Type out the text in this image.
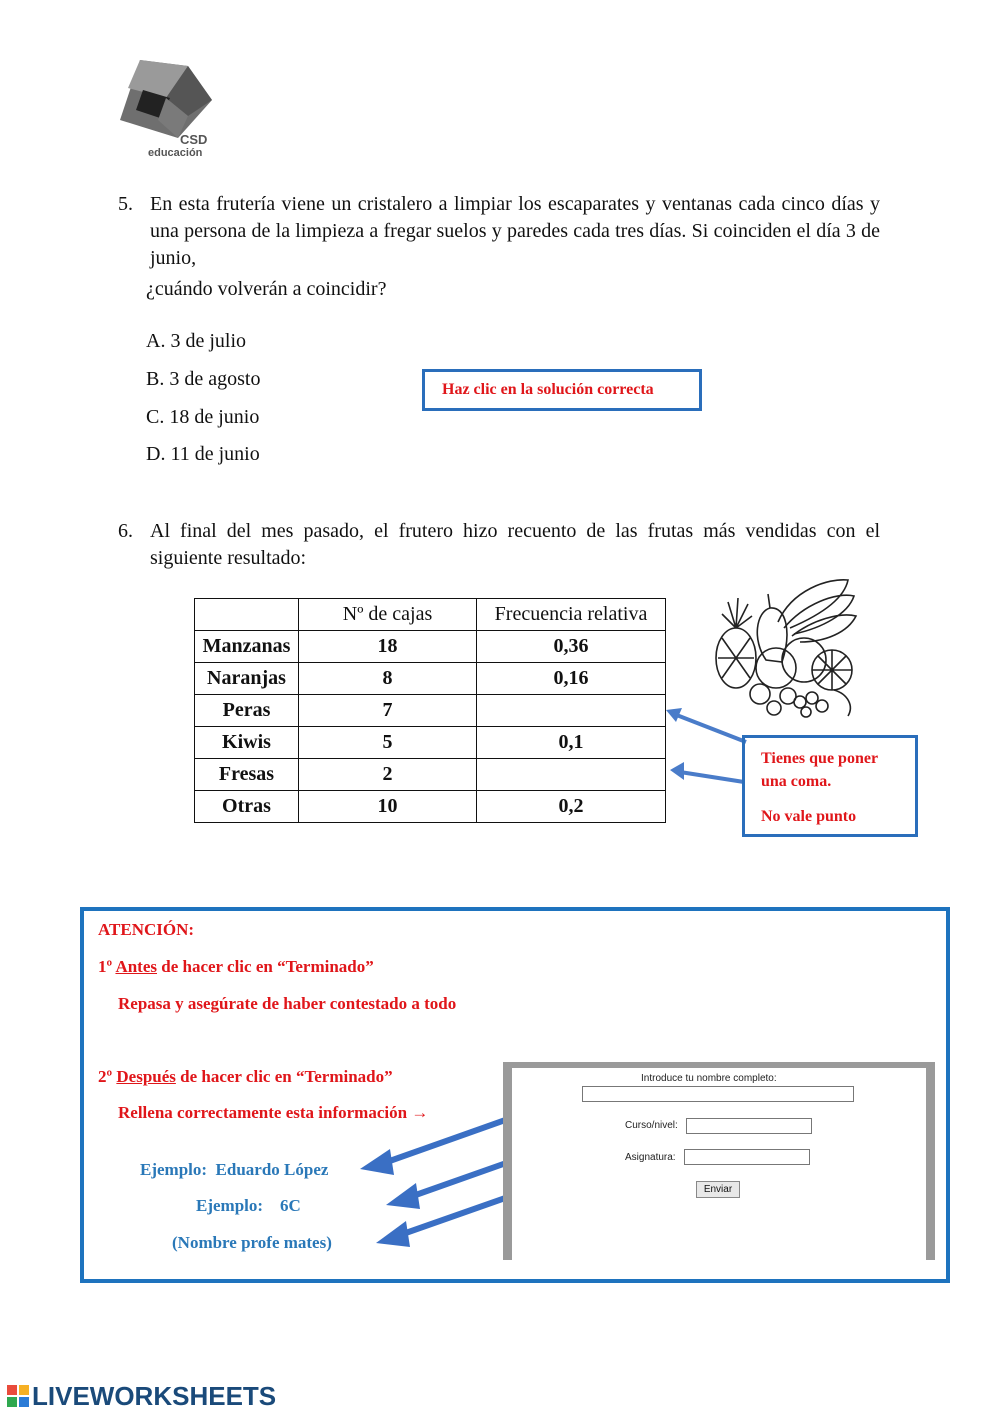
CSD
educación
5. En esta frutería viene un cristalero a limpiar los escaparates y ventanas cada cinco días y una persona de la limpieza a fregar suelos y paredes cada tres días. Si coinciden el día 3 de junio,
¿cuándo volverán a coincidir?
A. 3 de julio
B. 3 de agosto
C. 18 de junio
D. 11 de junio
Haz clic en la solución correcta
6. Al final del mes pasado, el frutero hizo recuento de las frutas más vendidas con el siguiente resultado:
	Nº de cajas	Frecuencia relativa
Manzanas	18	0,36
Naranjas	8	0,16
Peras	7	
Kiwis	5	0,1
Fresas	2	
Otras	10	0,2
Tienes que poner
una coma.
No vale punto
ATENCIÓN:
1º Antes de hacer clic en “Terminado”
Repasa y asegúrate de haber contestado a todo
2º Después de hacer clic en “Terminado”
Rellena correctamente esta información →
Ejemplo:  Eduardo López
Ejemplo:    6C
(Nombre profe mates)
Introduce tu nombre completo:
Curso/nivel:
Asignatura:
Enviar
LIVEWORKSHEETS
